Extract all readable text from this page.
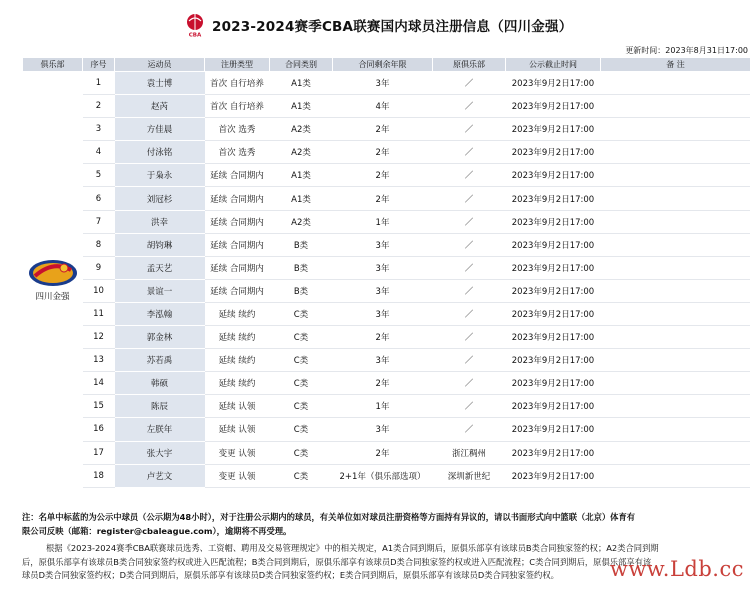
CBA
2023-2024赛季CBA联赛国内球员注册信息（四川金强）
更新时间：2023年8月31日17:00
俱乐部	序号	运动员	注册类型	合同类别	合同剩余年限	原俱乐部	公示截止时间	备 注

四川金强	1	袁士博	首次 自行培养	A1类	3年	／	2023年9月2日17:00	
	2	赵芮	首次 自行培养	A1类	4年	／	2023年9月2日17:00	
	3	方佳晨	首次 选秀	A2类	2年	／	2023年9月2日17:00	
	4	付泳铭	首次 选秀	A2类	2年	／	2023年9月2日17:00	
	5	于枭永	延续 合同期内	A1类	2年	／	2023年9月2日17:00	
	6	刘冠杉	延续 合同期内	A1类	2年	／	2023年9月2日17:00	
	7	洪幸	延续 合同期内	A2类	1年	／	2023年9月2日17:00	
	8	胡钧琳	延续 合同期内	B类	3年	／	2023年9月2日17:00	
	9	孟天艺	延续 合同期内	B类	3年	／	2023年9月2日17:00	
	10	景谊一	延续 合同期内	B类	3年	／	2023年9月2日17:00	
	11	李泓翰	延续 续约	C类	3年	／	2023年9月2日17:00	
	12	郭金林	延续 续约	C类	2年	／	2023年9月2日17:00	
	13	苏若禹	延续 续约	C类	3年	／	2023年9月2日17:00	
	14	韩硕	延续 续约	C类	2年	／	2023年9月2日17:00	
	15	陈辰	延续 认领	C类	1年	／	2023年9月2日17:00	
	16	左朕年	延续 认领	C类	3年	／	2023年9月2日17:00	
	17	张大宇	变更 认领	C类	2年	浙江稠州	2023年9月2日17:00	
	18	卢艺文	变更 认领	C类	2+1年（俱乐部选项）	深圳新世纪	2023年9月2日17:00	

注：名单中标蓝的为公示中球员（公示期为48小时），对于注册公示期内的球员，有关单位如对球员注册资格等方面持有异议的，请以书面形式向中篮联（北京）体育有

限公司反映（邮箱：register@cbaleague.com），逾期将不再受理。

根据《2023-2024赛季CBA联赛球员选秀、工资帽、聘用及交易管理规定》中的相关规定，A1类合同到期后，原俱乐部享有该球员B类合同独家签约权；A2类合同到期

后，原俱乐部享有该球员B类合同独家签约权或进入匹配流程；B类合同到期后，原俱乐部享有该球员D类合同独家签约权或进入匹配流程；C类合同到期后，原俱乐部享有该

球员D类合同独家签约权；D类合同到期后，原俱乐部享有该球员D类合同独家签约权；E类合同到期后，原俱乐部享有该球员D类合同独家签约权。	www.Ldb.cc
